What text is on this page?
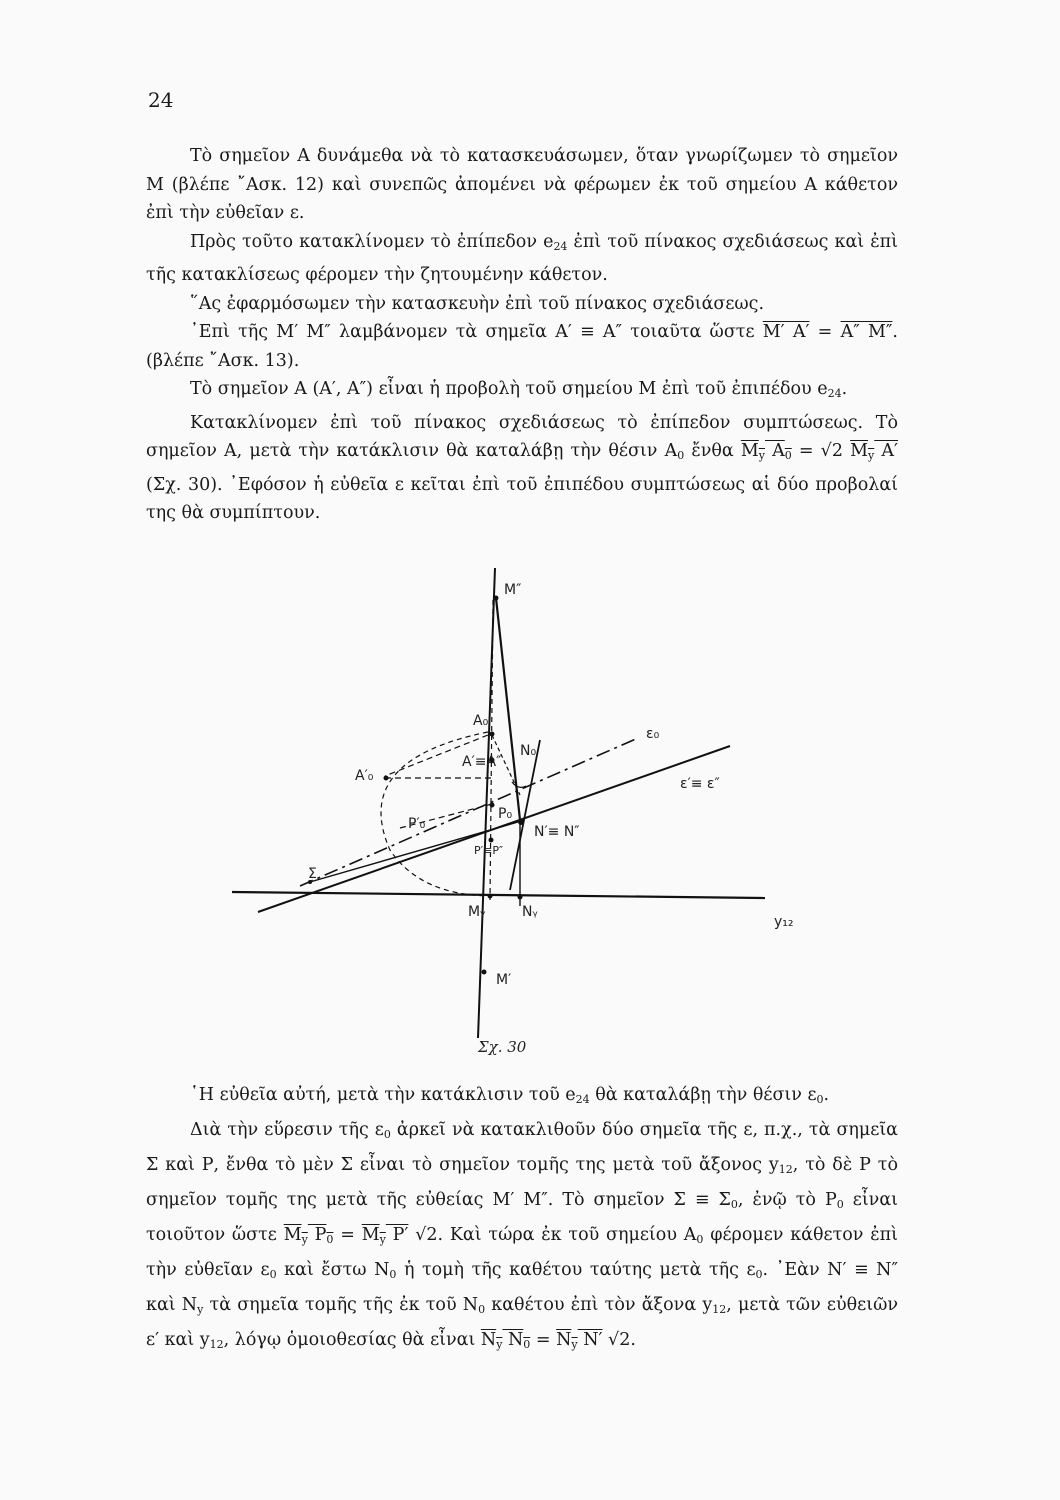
24

Τὸ σημεῖον Α δυνάμεθα νὰ τὸ κατασκευάσωμεν, ὅταν γνωρίζωμεν τὸ σημεῖον Μ (βλέπε ῎Ασκ. 12) καὶ συνεπῶς ἀπομένει νὰ φέρωμεν ἐκ τοῦ σημείου Α κάθετον ἐπὶ τὴν εὐθεῖαν ε.

Πρὸς τοῦτο κατακλίνομεν τὸ ἐπίπεδον $e_{24}$ ἐπὶ τοῦ πίνακος σχεδιάσεως καὶ ἐπὶ τῆς κατακλίσεως φέρομεν τὴν ζητουμένην κάθετον.

῞Ας ἐφαρμόσωμεν τὴν κατασκευὴν ἐπὶ τοῦ πίνακος σχεδιάσεως.

᾿Επὶ τῆς Μ′ Μ″ λαμβάνομεν τὰ σημεῖα Α′ ≡ Α″ τοιαῦτα ὥστε Μ′ Α′ = Α″ Μ″. (βλέπε ῎Ασκ. 13).

Τὸ σημεῖον Α (Α′, Α″) εἶναι ἡ προβολὴ τοῦ σημείου Μ ἐπὶ τοῦ ἐπιπέδου $e_{24}$.

Κατακλίνομεν ἐπὶ τοῦ πίνακος σχεδιάσεως τὸ ἐπίπεδον συμπτώσεως. Τὸ σημεῖον Α, μετὰ τὴν κατάκλισιν θὰ καταλάβῃ τὴν θέσιν $A_0$ ἔνθα $\overline{M}_{\overline{y}}$ $A_0 = √2$ $\overline{M}_{\overline{y}}$ Α′ (Σχ. 30). ᾿Εφόσον ἡ εὐθεῖα ε κεῖται ἐπὶ τοῦ ἐπιπέδου συμπτώσεως αἱ δύο προβολαί της θὰ συμπίπτουν.

M″
A₀
A′≡A″
A′₀
N₀
ε₀
ε′≡ ε″
P₀
P′₀	N′≡ N″
P′≡P″
Σ
Mᵧ	Nᵧ
y₁₂
M′
Σχ. 30

῾Η εὐθεῖα αὐτή, μετὰ τὴν κατάκλισιν τοῦ $e_{24}$ θὰ καταλάβῃ τὴν θέσιν $\varepsilon_0$.

Διὰ τὴν εὕρεσιν τῆς $\varepsilon_0$ ἀρκεῖ νὰ κατακλιθοῦν δύο σημεῖα τῆς ε, π.χ., τὰ σημεῖα Σ καὶ Ρ, ἔνθα τὸ μὲν Σ εἶναι τὸ σημεῖον τομῆς της μετὰ τοῦ ἄξονος $y_{12}$, τὸ δὲ Ρ τὸ σημεῖον τομῆς της μετὰ τῆς εὐθείας Μ′ Μ″. Τὸ σημεῖον $\Sigma \equiv \Sigma_0$, ἐνῷ τὸ $P_0$ εἶναι τοιοῦτον ὥστε $\overline{M}_{\overline{y}}$ $P_0 = \overline{M}_{\overline{y}}$ Ρ′ √2. Καὶ τώρα ἐκ τοῦ σημείου $A_0$ φέρομεν κάθετον ἐπὶ τὴν εὐθεῖαν $\varepsilon_0$ καὶ ἔστω $N_0$ ἡ τομὴ τῆς καθέτου ταύτης μετὰ τῆς $\varepsilon_0$. ᾿Εὰν Ν′ ≡ Ν″ καὶ $N_y$ τὰ σημεῖα τομῆς τῆς ἐκ τοῦ $N_0$ καθέτου ἐπὶ τὸν ἄξονα $y_{12}$, μετὰ τῶν εὐθειῶν ε′ καὶ $y_{12}$, λόγῳ ὁμοιοθεσίας θὰ εἶναι $\overline{N}_{\overline{y}}$ $N_0 = \overline{N}_{\overline{y}}$ Ν′ √2.
